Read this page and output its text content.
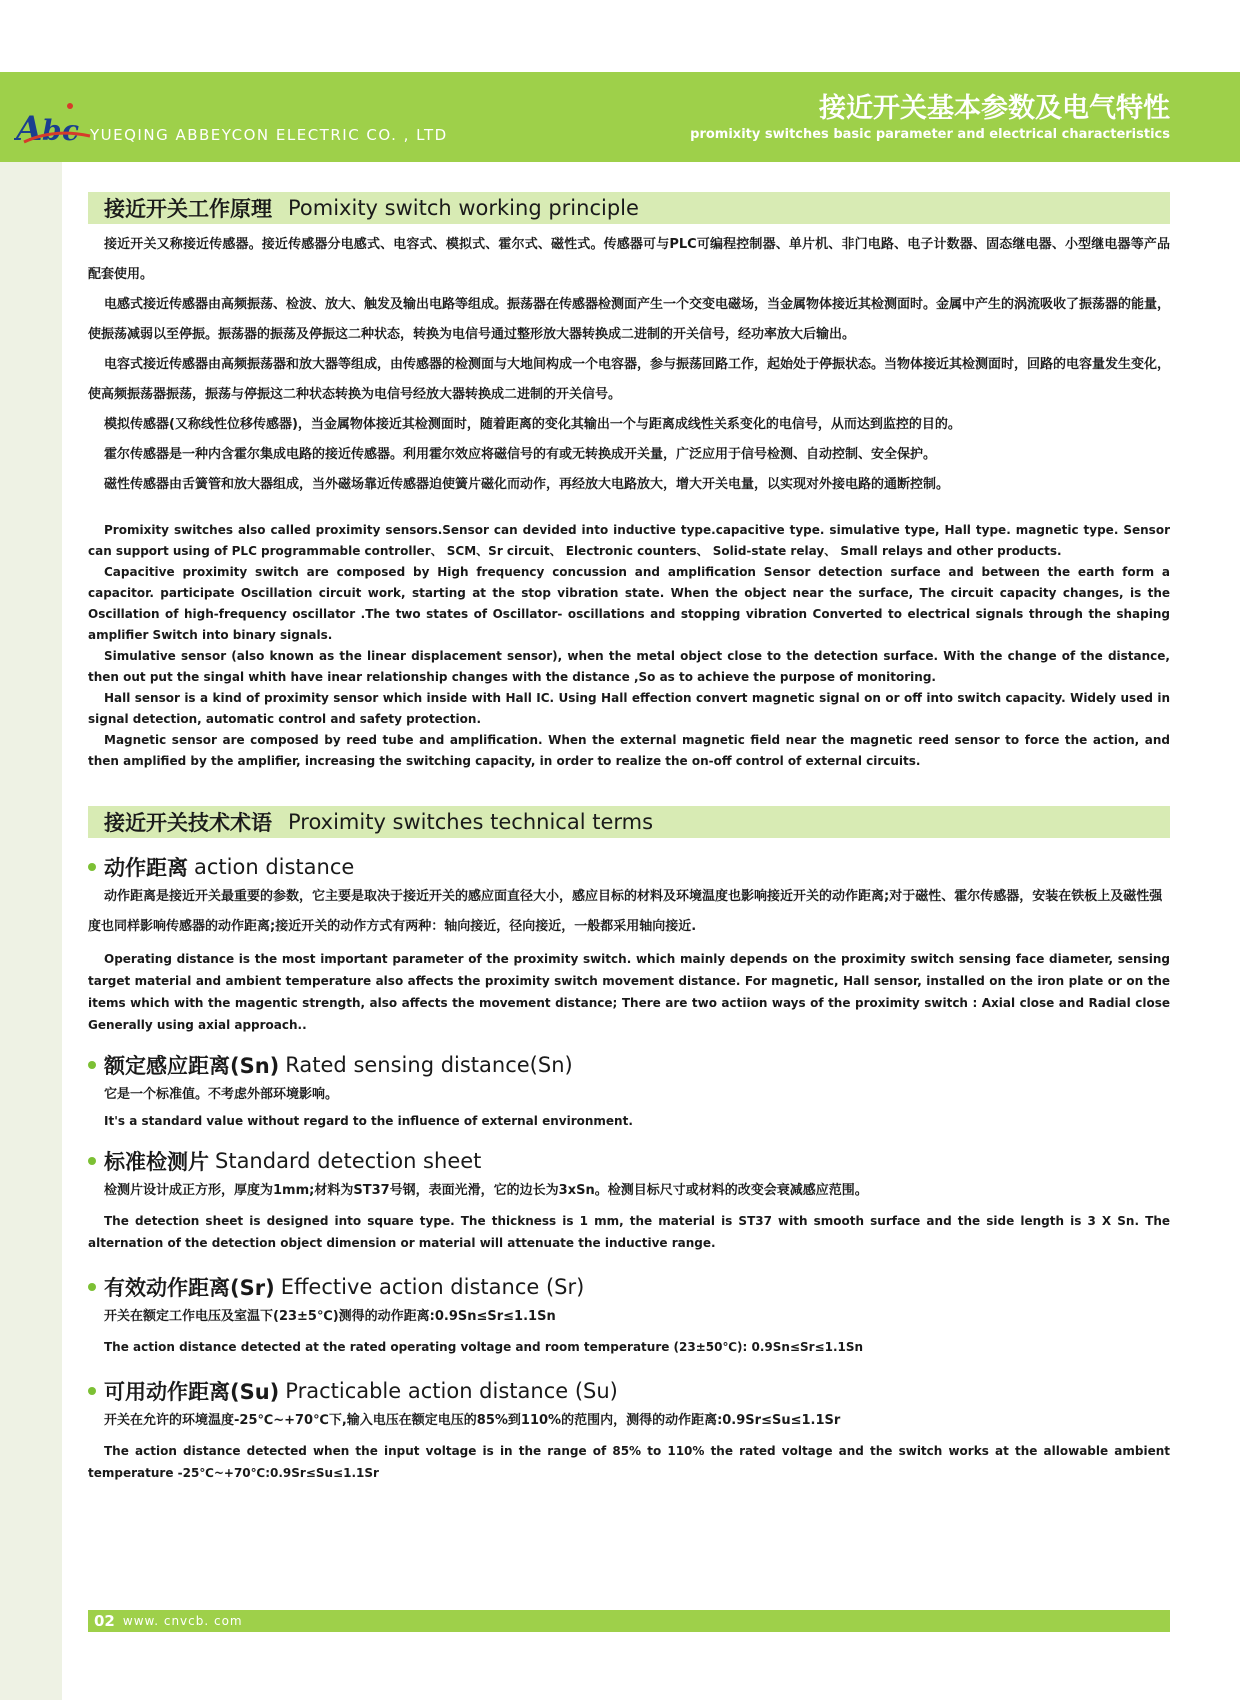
A b c YUEQING ABBEYCON ELECTRIC CO. , LTD
接近开关基本参数及电气特性
promixity switches basic parameter and electrical characteristics
接近开关工作原理 Pomixity switch working principle

接近开关又称接近传感器。接近传感器分电感式、电容式、模拟式、霍尔式、磁性式。传感器可与PLC可编程控制器、单片机、非门电路、电子计数器、固态继电器、小型继电器等产品配套使用。

电感式接近传感器由高频振荡、检波、放大、触发及输出电路等组成。振荡器在传感器检测面产生一个交变电磁场，当金属物体接近其检测面时。金属中产生的涡流吸收了振荡器的能量，使振荡减弱以至停振。振荡器的振荡及停振这二种状态，转换为电信号通过整形放大器转换成二进制的开关信号，经功率放大后输出。

电容式接近传感器由高频振荡器和放大器等组成，由传感器的检测面与大地间构成一个电容器，参与振荡回路工作，起始处于停振状态。当物体接近其检测面时，回路的电容量发生变化，使高频振荡器振荡，振荡与停振这二种状态转换为电信号经放大器转换成二进制的开关信号。

模拟传感器(又称线性位移传感器)，当金属物体接近其检测面时，随着距离的变化其输出一个与距离成线性关系变化的电信号，从而达到监控的目的。

霍尔传感器是一种内含霍尔集成电路的接近传感器。利用霍尔效应将磁信号的有或无转换成开关量，广泛应用于信号检测、自动控制、安全保护。

磁性传感器由舌簧管和放大器组成，当外磁场靠近传感器迫使簧片磁化而动作，再经放大电路放大，增大开关电量，以实现对外接电路的通断控制。

Promixity switches also called proximity sensors.Sensor can devided into inductive type.capacitive type. simulative type, Hall type. magnetic type. Sensor can support using of PLC programmable controller、 SCM、Sr circuit、 Electronic counters、 Solid-state relay、 Small relays and other products.

Capacitive proximity switch are composed by High frequency concussion and amplification Sensor detection surface and between the earth form a capacitor. participate Oscillation circuit work, starting at the stop vibration state. When the object near the surface, The circuit capacity changes, is the Oscillation of high-frequency oscillator .The two states of Oscillator- oscillations and stopping vibration Converted to electrical signals through the shaping amplifier Switch into binary signals.

Simulative sensor (also known as the linear displacement sensor), when the metal object close to the detection surface. With the change of the distance, then out put the singal whith have inear relationship changes with the distance ,So as to achieve the purpose of monitoring.

Hall sensor is a kind of proximity sensor which inside with Hall IC. Using Hall effection convert magnetic signal on or off into switch capacity. Widely used in signal detection, automatic control and safety protection.

Magnetic sensor are composed by reed tube and amplification. When the external magnetic field near the magnetic reed sensor to force the action, and then amplified by the amplifier, increasing the switching capacity, in order to realize the on-off control of external circuits.

接近开关技术术语 Proximity switches technical terms
动作距离 action distance

动作距离是接近开关最重要的参数，它主要是取决于接近开关的感应面直径大小，感应目标的材料及环境温度也影响接近开关的动作距离;对于磁性、霍尔传感器，安装在铁板上及磁性强度也同样影响传感器的动作距离;接近开关的动作方式有两种：轴向接近，径向接近，一般都采用轴向接近.

Operating distance is the most important parameter of the proximity switch. which mainly depends on the proximity switch sensing face diameter, sensing target material and ambient temperature also affects the proximity switch movement distance. For magnetic, Hall sensor, installed on the iron plate or on the items which with the magentic strength, also affects the movement distance; There are two actiion ways of the proximity switch : Axial close and Radial close Generally using axial approach..

额定感应距离(Sn) Rated sensing distance(Sn)

它是一个标准值。不考虑外部环境影响。

It's a standard value without regard to the influence of external environment.

标准检测片 Standard detection sheet

检测片设计成正方形，厚度为1mm;材料为ST37号钢，表面光滑，它的边长为3xSn。检测目标尺寸或材料的改变会衰减感应范围。

The detection sheet is designed into square type. The thickness is 1 mm, the material is ST37 with smooth surface and the side length is 3 X Sn. The alternation of the detection object dimension or material will attenuate the inductive range.

有效动作距离(Sr) Effective action distance (Sr)

开关在额定工作电压及室温下(23±5℃)测得的动作距离:0.9Sn≤Sr≤1.1Sn

The action distance detected at the rated operating voltage and room temperature (23±50℃): 0.9Sn≤Sr≤1.1Sn

可用动作距离(Su) Practicable action distance (Su)

开关在允许的环境温度-25℃~+70℃下,输入电压在额定电压的85%到110%的范围内，测得的动作距离:0.9Sr≤Su≤1.1Sr

The action distance detected when the input voltage is in the range of 85% to 110% the rated voltage and the switch works at the allowable ambient temperature -25℃~+70℃:0.9Sr≤Su≤1.1Sr

02 www. cnvcb. com
